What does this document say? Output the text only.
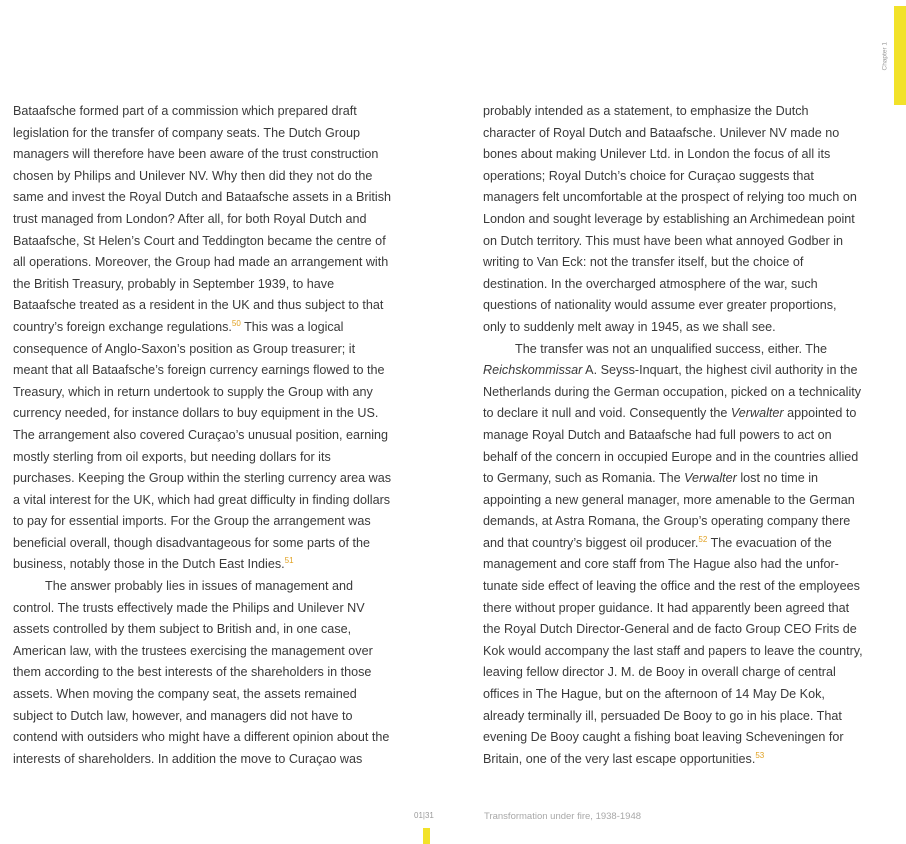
Chapter 1

Bataafsche formed part of a commission which prepared draft legislation for the transfer of company seats. The Dutch Group managers will therefore have been aware of the trust construction chosen by Philips and Unilever NV. Why then did they not do the same and invest the Royal Dutch and Bataafsche assets in a British trust managed from London? After all, for both Royal Dutch and Bataafsche, St Helen’s Court and Teddington became the centre of all operations. Moreover, the Group had made an arrangement with the British Treasury, probably in September 1939, to have Bataafsche treated as a resident in the UK and thus subject to that country’s foreign exchange regulations.$^{50}$ This was a logical consequence of Anglo-Saxon’s position as Group treasurer; it meant that all Bataafsche’s foreign currency earnings flowed to the Treasury, which in return undertook to supply the Group with any currency needed, for instance dollars to buy equipment in the US. The arrangement also covered Curaçao’s unusual position, earning mostly sterling from oil exports, but needing dollars for its purchases. Keeping the Group within the sterling currency area was a vital interest for the UK, which had great difficulty in finding dollars to pay for essential imports. For the Group the arrangement was beneficial overall, though disadvantageous for some parts of the business, notably those in the Dutch East Indies.$^{51}$

The answer probably lies in issues of management and control. The trusts effectively made the Philips and Unilever NV assets controlled by them subject to British and, in one case, American law, with the trustees exercising the management over them according to the best interests of the shareholders in those assets. When moving the company seat, the assets remained subject to Dutch law, however, and managers did not have to contend with outsiders who might have a different opinion about the interests of shareholders. In addition the move to Curaçao was

probably intended as a statement, to emphasize the Dutch character of Royal Dutch and Bataafsche. Unilever NV made no bones about making Unilever Ltd. in London the focus of all its operations; Royal Dutch’s choice for Curaçao suggests that managers felt uncomfortable at the prospect of relying too much on London and sought leverage by establishing an Archimedean point on Dutch territory. This must have been what annoyed Godber in writing to Van Eck: not the transfer itself, but the choice of destination. In the overcharged atmosphere of the war, such questions of nationality would assume ever greater proportions, only to suddenly melt away in 1945, as we shall see.

The transfer was not an unqualified success, either. The Reichskommissar A. Seyss-Inquart, the highest civil authority in the Netherlands during the German occupation, picked on a technicality to declare it null and void. Consequently the Verwalter appointed to manage Royal Dutch and Bataafsche had full powers to act on behalf of the concern in occupied Europe and in the countries allied to Germany, such as Romania. The Verwalter lost no time in appointing a new general manager, more amenable to the German demands, at Astra Romana, the Group’s operating company there and that country’s biggest oil producer.$^{52}$ The evacuation of the management and core staff from The Hague also had the unfor-tunate side effect of leaving the office and the rest of the employees there without proper guidance. It had apparently been agreed that the Royal Dutch Director-General and de facto Group CEO Frits de Kok would accompany the last staff and papers to leave the country, leaving fellow director J. M. de Booy in overall charge of central offices in The Hague, but on the afternoon of 14 May De Kok, already terminally ill, persuaded De Booy to go in his place. That evening De Booy caught a fishing boat leaving Scheveningen for Britain, one of the very last escape opportunities.$^{53}$

01|31	Transformation under fire, 1938-1948
